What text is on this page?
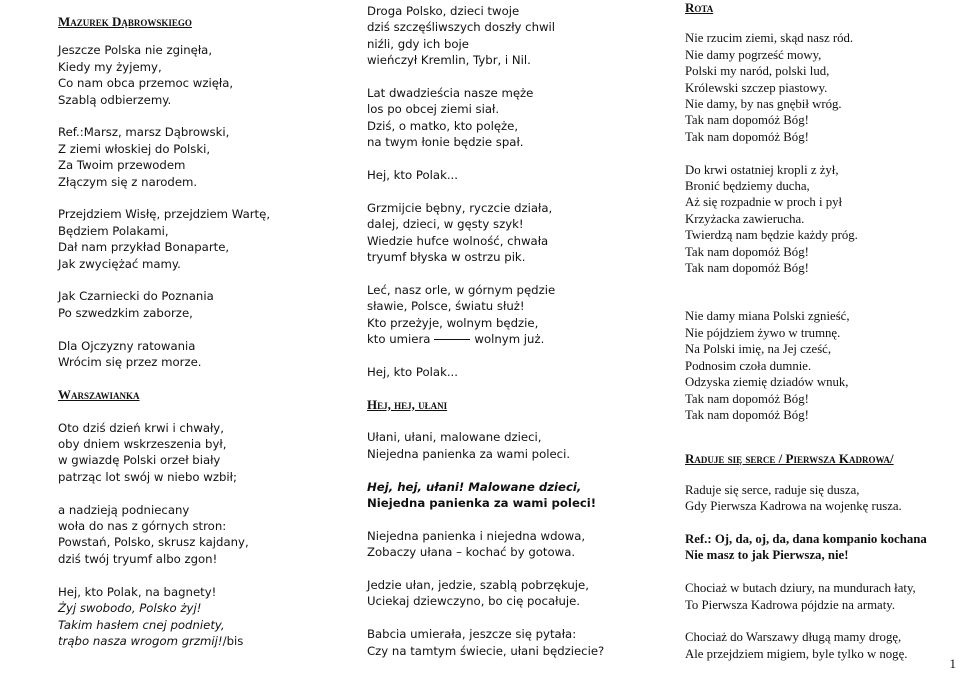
Mazurek Dąbrowskiego
Jeszcze Polska nie zginęła,
Kiedy my żyjemy,
Co nam obca przemoc wzięła,
Szablą odbierzemy.
Ref.:Marsz, marsz Dąbrowski,
Z ziemi włoskiej do Polski,
Za Twoim przewodem
Złączym się z narodem.
Przejdziem Wisłę, przejdziem Wartę,
Będziem Polakami,
Dał nam przykład Bonaparte,
Jak zwyciężać mamy.
Jak Czarniecki do Poznania
Po szwedzkim zaborze,
Dla Ojczyzny ratowania
Wrócim się przez morze.
Warszawianka
Oto dziś dzień krwi i chwały,
oby dniem wskrzeszenia był,
w gwiazdę Polski orzeł biały
patrząc lot swój w niebo wzbił;
a nadzieją podniecany
woła do nas z górnych stron:
Powstań, Polsko, skrusz kajdany,
dziś twój tryumf albo zgon!
Hej, kto Polak, na bagnety!
Żyj swobodo, Polsko żyj!
Takim hasłem cnej podniety,
trąbo nasza wrogom grzmij!/bis
Droga Polsko, dzieci twoje
dziś szczęśliwszych doszły chwil
niźli, gdy ich boje
wieńczył Kremlin, Tybr, i Nil.
Lat dwadzieścia nasze męże
los po obcej ziemi siał.
Dziś, o matko, kto polęże,
na twym łonie będzie spał.
Hej, kto Polak...
Grzmijcie bębny, ryczcie działa,
dalej, dzieci, w gęsty szyk!
Wiedzie hufce wolność, chwała
tryumf błyska w ostrzu pik.
Leć, nasz orle, w górnym pędzie
sławie, Polsce, światu służ!
Kto przeżyje, wolnym będzie,
kto umiera	wolnym już.
Hej, kto Polak...
Hej, hej, ułani
Ułani, ułani, malowane dzieci,
Niejedna panienka za wami poleci.
Hej, hej, ułani! Malowane dzieci,
Niejedna panienka za wami poleci!
Niejedna panienka i niejedna wdowa,
Zobaczy ułana – kochać by gotowa.
Jedzie ułan, jedzie, szablą pobrzękuje,
Uciekaj dziewczyno, bo cię pocałuje.
Babcia umierała, jeszcze się pytała:
Czy na tamtym świecie, ułani będziecie?
Rota
Nie rzucim ziemi, skąd nasz ród.
Nie damy pogrześć mowy,
Polski my naród, polski lud,
Królewski szczep piastowy.
Nie damy, by nas gnębił wróg.
Tak nam dopomóż Bóg!
Tak nam dopomóż Bóg!
Do krwi ostatniej kropli z żył,
Bronić będziemy ducha,
Aż się rozpadnie w proch i pył
Krzyżacka zawierucha.
Twierdzą nam będzie każdy próg.
Tak nam dopomóż Bóg!
Tak nam dopomóż Bóg!
Nie damy miana Polski zgnieść,
Nie pójdziem żywo w trumnę.
Na Polski imię, na Jej cześć,
Podnosim czoła dumnie.
Odzyska ziemię dziadów wnuk,
Tak nam dopomóż Bóg!
Tak nam dopomóż Bóg!
Raduje się serce / Pierwsza Kadrowa/
Raduje się serce, raduje się dusza,
Gdy Pierwsza Kadrowa na wojenkę rusza.
Ref.: Oj, da, oj, da, dana kompanio kochana
Nie masz to jak Pierwsza, nie!
Chociaż w butach dziury, na mundurach łaty,
To Pierwsza Kadrowa pójdzie na armaty.
Chociaż do Warszawy długą mamy drogę,
Ale przejdziem migiem, byle tylko w nogę.
1
